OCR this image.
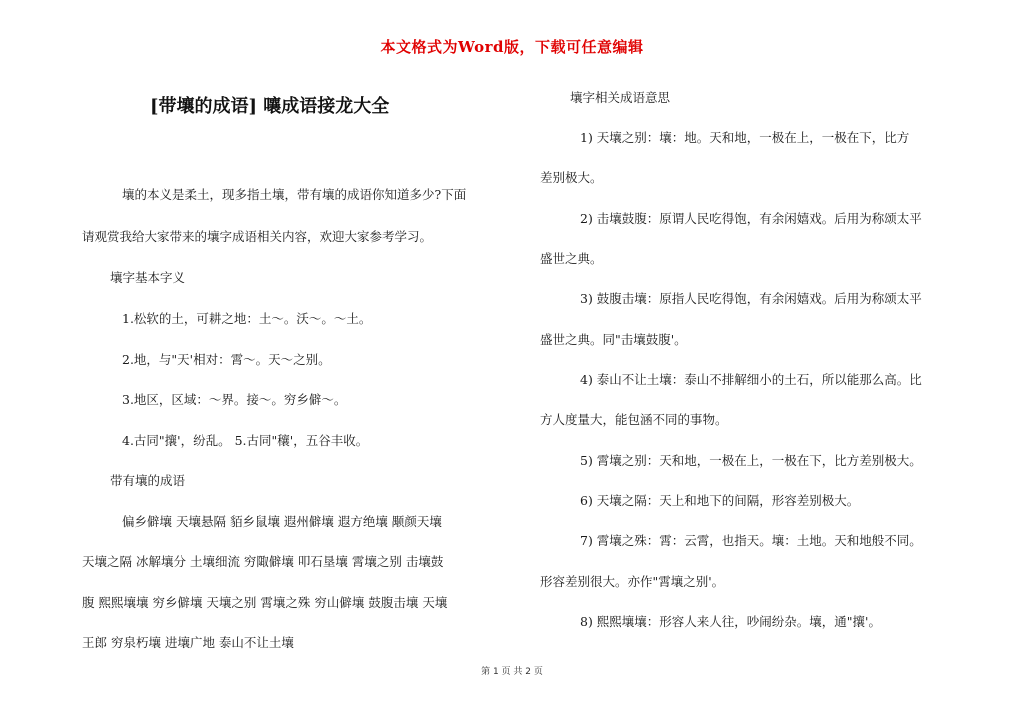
本文格式为Word版，下载可任意编辑
[带壤的成语] 嚷成语接龙大全

壤的本义是柔土，现多指土壤，带有壤的成语你知道多少?下面

请观赏我给大家带来的壤字成语相关内容，欢迎大家参考学习。

壤字基本字义

1.松软的土，可耕之地：土～。沃～。～土。

2.地，与"天'相对：霄～。天～之别。

3.地区，区域：～界。接～。穷乡僻～。

4.古同"攘'，纷乱。 5.古同"穰'，五谷丰收。

带有壤的成语

偏乡僻壤 天壤悬隔 貊乡鼠壤 遐州僻壤 遐方绝壤 颙颜天壤

天壤之隔 冰解壤分 土壤细流 穷陬僻壤 叩石垦壤 霄壤之别 击壤鼓

腹 熙熙壤壤 穷乡僻壤 天壤之别 霄壤之殊 穷山僻壤 鼓腹击壤 天壤

王郎 穷泉朽壤 进壤广地 泰山不让土壤

壤字相关成语意思

1) 天壤之别：壤：地。天和地，一极在上，一极在下，比方

差别极大。

2) 击壤鼓腹：原谓人民吃得饱，有余闲嬉戏。后用为称颂太平

盛世之典。

3) 鼓腹击壤：原指人民吃得饱，有余闲嬉戏。后用为称颂太平

盛世之典。同"击壤鼓腹'。

4) 泰山不让土壤：泰山不排解细小的土石，所以能那么高。比

方人度量大，能包涵不同的事物。

5) 霄壤之别：天和地，一极在上，一极在下，比方差别极大。

6) 天壤之隔：天上和地下的间隔，形容差别极大。

7) 霄壤之殊：霄：云霄，也指天。壤：土地。天和地般不同。

形容差别很大。亦作"霄壤之别'。

8) 熙熙壤壤：形容人来人往，吵闹纷杂。壤，通"攘'。

第 1 页 共 2 页
